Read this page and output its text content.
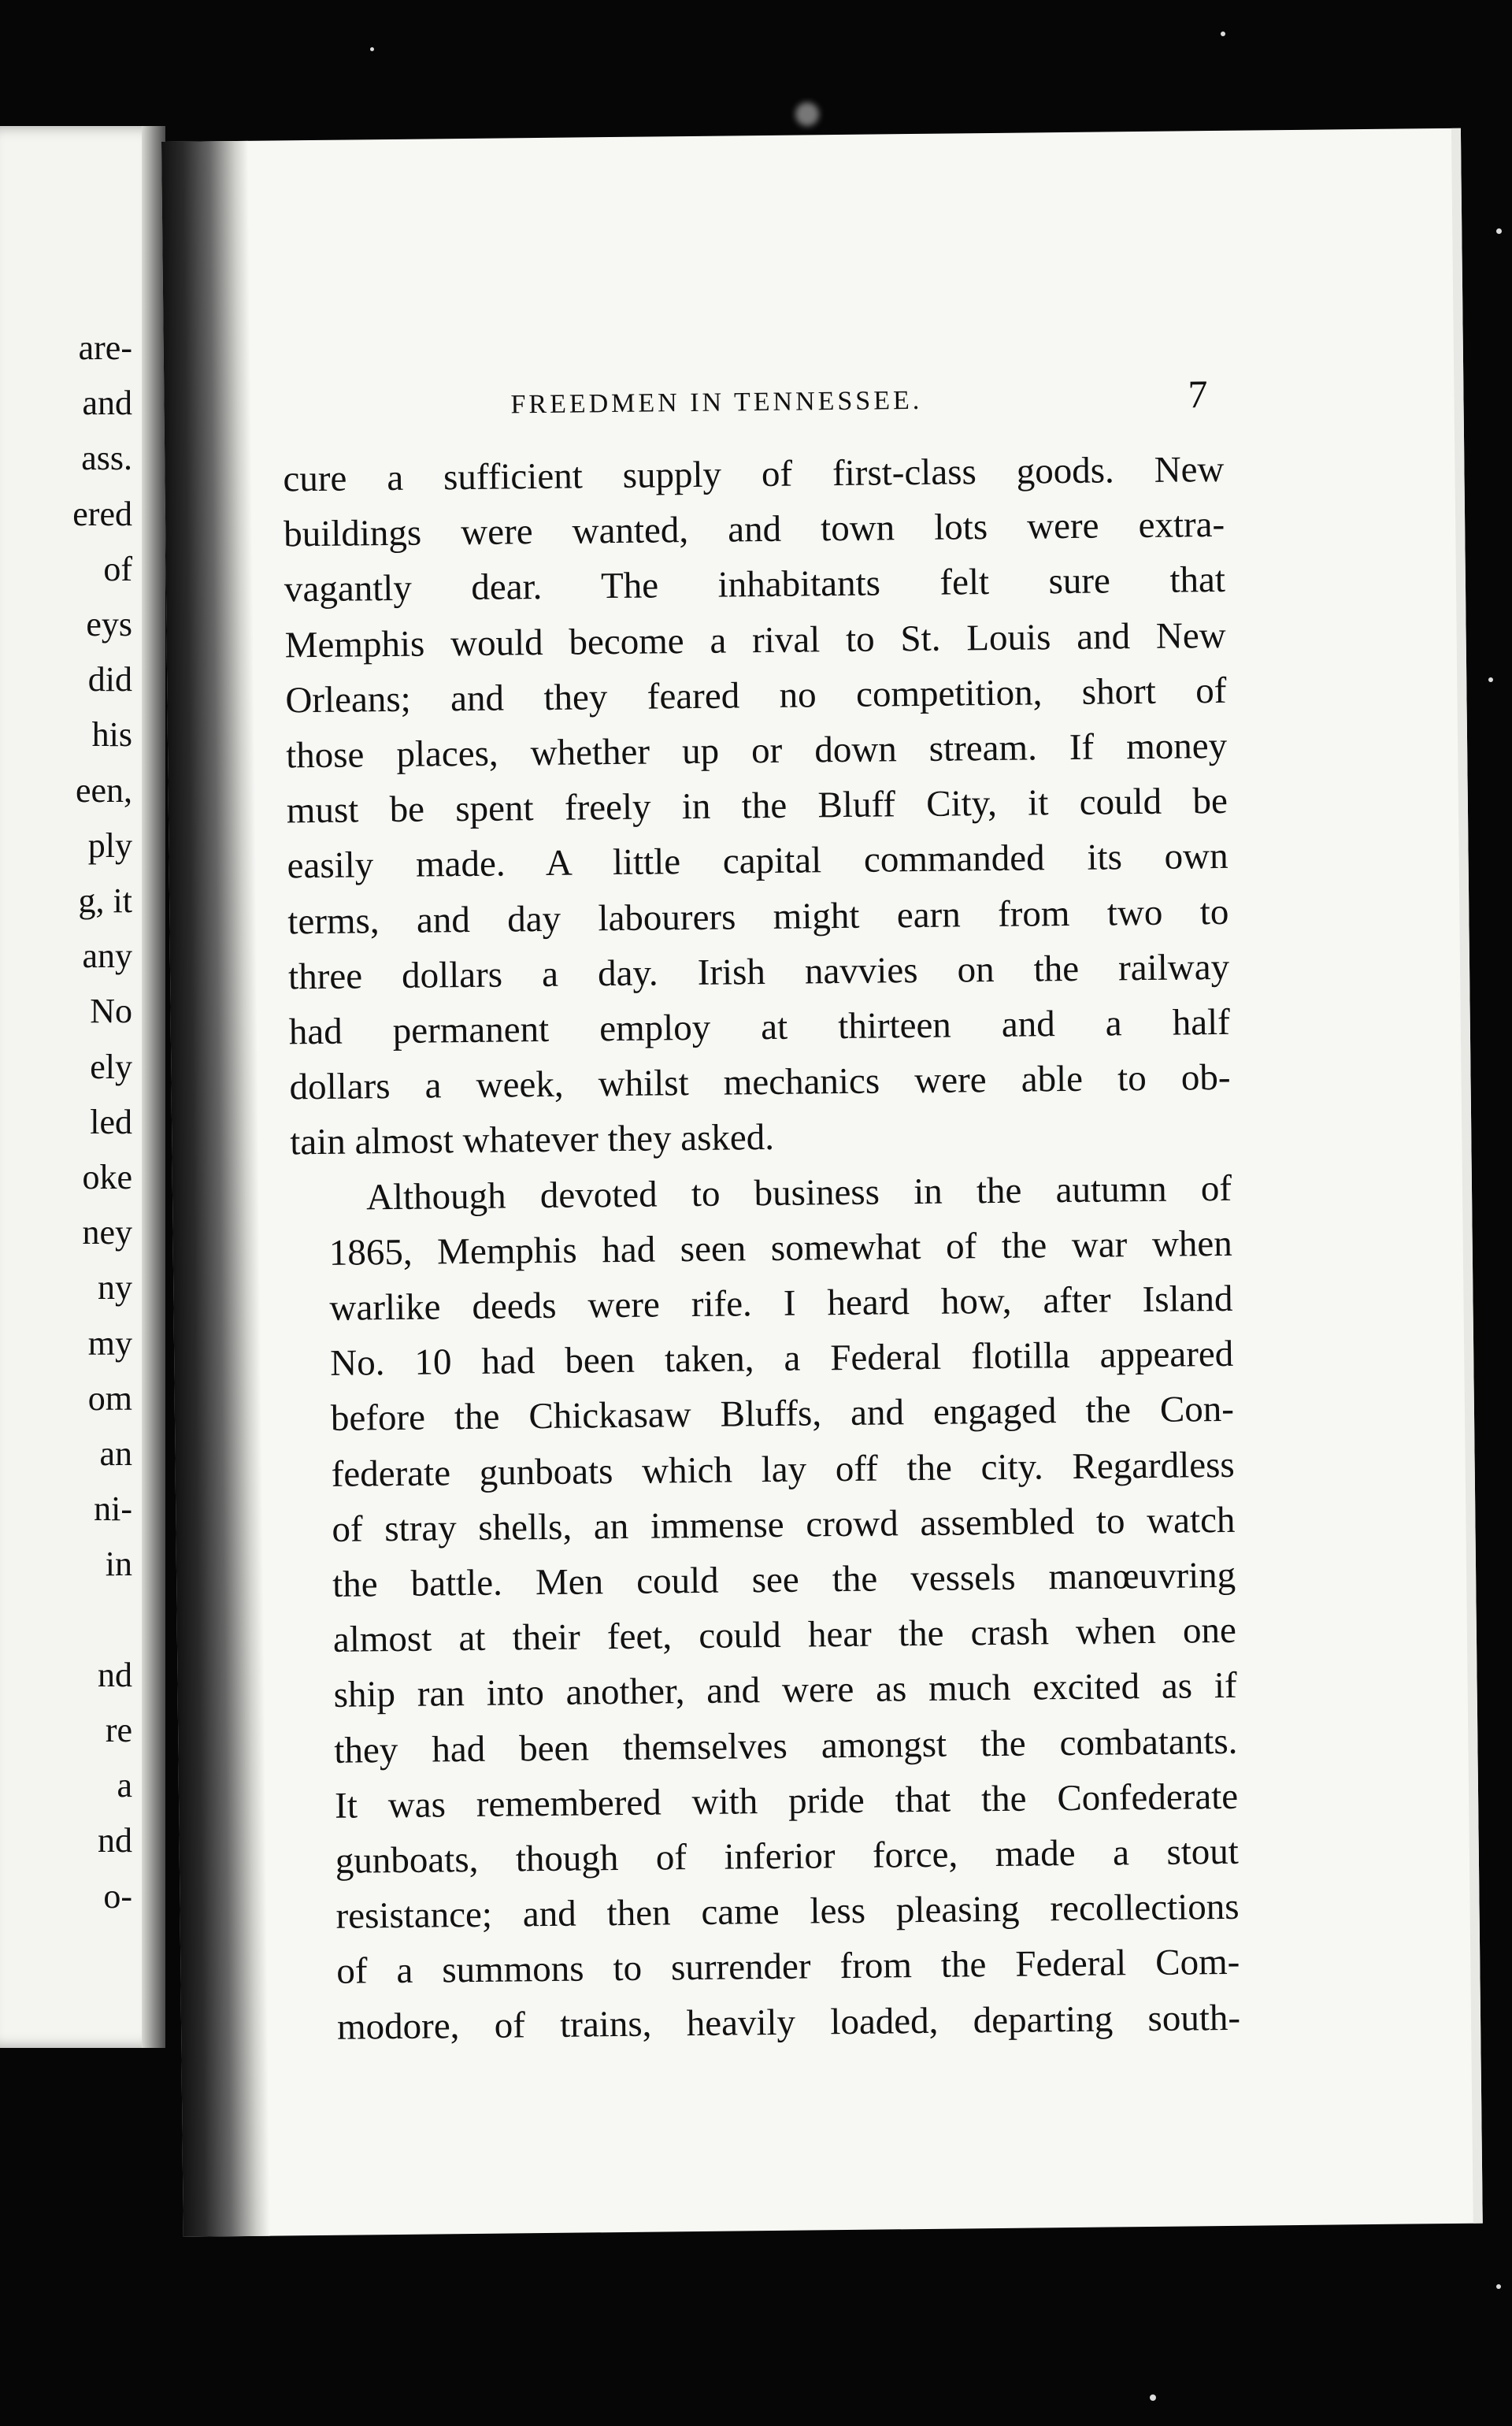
are-
and
ass.
ered
of
eys
did
his
een,
ply
g, it
any
No
ely
led
oke
ney
ny
my
om
an
ni-
in
nd
re
a
nd
o-
FREEDMEN IN TENNESSEE.	7

cure a sufficient supply of first-class goods. New
buildings were wanted, and town lots were extra-
vagantly dear. The inhabitants felt sure that
Memphis would become a rival to St. Louis and New
Orleans; and they feared no competition, short of
those places, whether up or down stream. If money
must be spent freely in the Bluff City, it could be
easily made. A little capital commanded its own
terms, and day labourers might earn from two to
three dollars a day. Irish navvies on the railway
had permanent employ at thirteen and a half
dollars a week, whilst mechanics were able to ob-
tain almost whatever they asked.

Although devoted to business in the autumn of
1865, Memphis had seen somewhat of the war when
warlike deeds were rife. I heard how, after Island
No. 10 had been taken, a Federal flotilla appeared
before the Chickasaw Bluffs, and engaged the Con-
federate gunboats which lay off the city. Regardless
of stray shells, an immense crowd assembled to watch
the battle. Men could see the vessels manœuvring
almost at their feet, could hear the crash when one
ship ran into another, and were as much excited as if
they had been themselves amongst the combatants.
It was remembered with pride that the Confederate
gunboats, though of inferior force, made a stout
resistance; and then came less pleasing recollections
of a summons to surrender from the Federal Com-
modore, of trains, heavily loaded, departing south-
